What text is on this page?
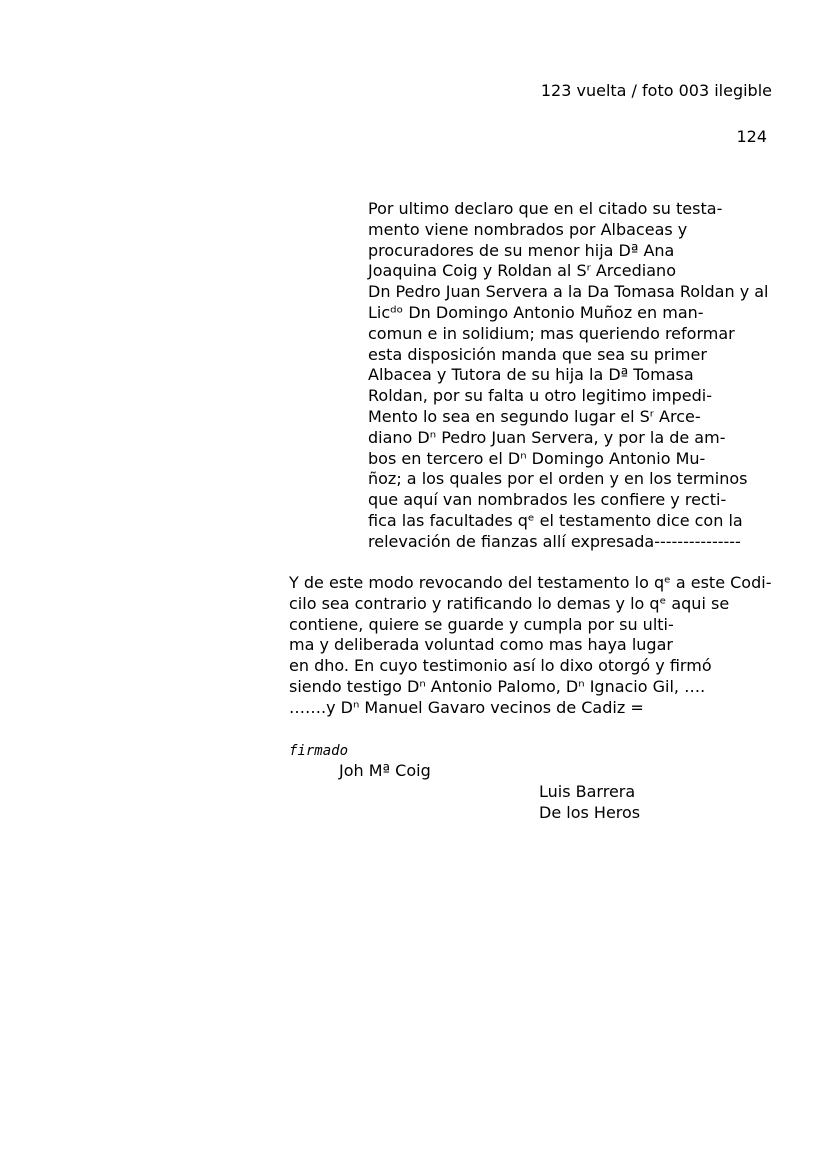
123 vuelta / foto 003 ilegible
124
Por ultimo declaro que en el citado su testa-
mento viene nombrados por Albaceas y
procuradores de su menor hija Dª Ana
Joaquina Coig y Roldan al Sʳ Arcediano
Dn Pedro Juan Servera a la Da Tomasa Roldan y al
Licᵈᵒ Dn Domingo Antonio Muñoz en man-
comun e in solidium; mas queriendo reformar
esta disposición manda que sea su primer
Albacea y Tutora de su hija la Dª Tomasa
Roldan, por su falta u otro legitimo impedi-
Mento lo sea en segundo lugar el Sʳ Arce-
diano Dⁿ Pedro Juan Servera, y por la de am-
bos en tercero el Dⁿ Domingo Antonio Mu-
ñoz; a los quales por el orden y en los terminos
que aquí van nombrados les confiere y recti-
fica las facultades qᵉ el testamento dice con la
relevación de fianzas allí expresada---------------
Y de este modo revocando del testamento lo qᵉ a este Codi-
cilo sea contrario y ratificando lo demas y lo qᵉ aqui se
contiene, quiere se guarde y cumpla por su ulti-
ma y deliberada voluntad como mas haya lugar
en dho. En cuyo testimonio así lo dixo otorgó y firmó
siendo testigo Dⁿ Antonio Palomo, Dⁿ Ignacio Gil, ….
…….y Dⁿ Manuel Gavaro vecinos de Cadiz =
firmado
Joh Mª Coig
Luis Barrera
De los Heros
